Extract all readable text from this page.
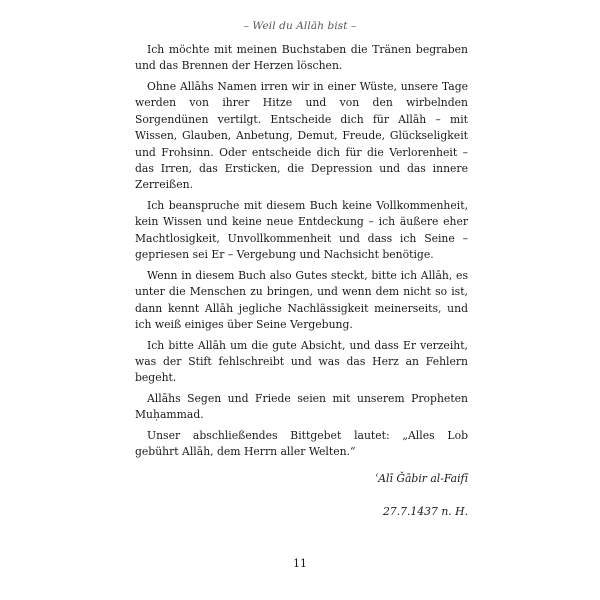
– Weil du Allāh bist –

Ich möchte mit meinen Buchstaben die Tränen begraben und das Brennen der Herzen löschen.

Ohne Allāhs Namen irren wir in einer Wüste, unsere Tage werden von ihrer Hitze und von den wirbelnden Sorgendünen vertilgt. Entscheide dich für Allāh – mit Wissen, Glauben, Anbetung, Demut, Freude, Glückseligkeit und Frohsinn. Oder entscheide dich für die Verlorenheit – das Irren, das Ersticken, die Depression und das innere Zerreißen.

Ich beanspruche mit diesem Buch keine Vollkommenheit, kein Wissen und keine neue Entdeckung – ich äußere eher Machtlosigkeit, Unvollkommenheit und dass ich Seine – gepriesen sei Er – Vergebung und Nachsicht benötige.

Wenn in diesem Buch also Gutes steckt, bitte ich Allāh, es unter die Menschen zu bringen, und wenn dem nicht so ist, dann kennt Allāh jegliche Nachlässigkeit meinerseits, und ich weiß einiges über Seine Vergebung.

Ich bitte Allāh um die gute Absicht, und dass Er verzeiht, was der Stift fehlschreibt und was das Herz an Fehlern begeht.

Allāhs Segen und Friede seien mit unserem Propheten Muḥammad.

Unser abschließendes Bittgebet lautet: „Alles Lob gebührt Allāh, dem Herrn aller Welten.“

ʿAlī Ǧābir al-Faifī
27.7.1437 n. H.
11
